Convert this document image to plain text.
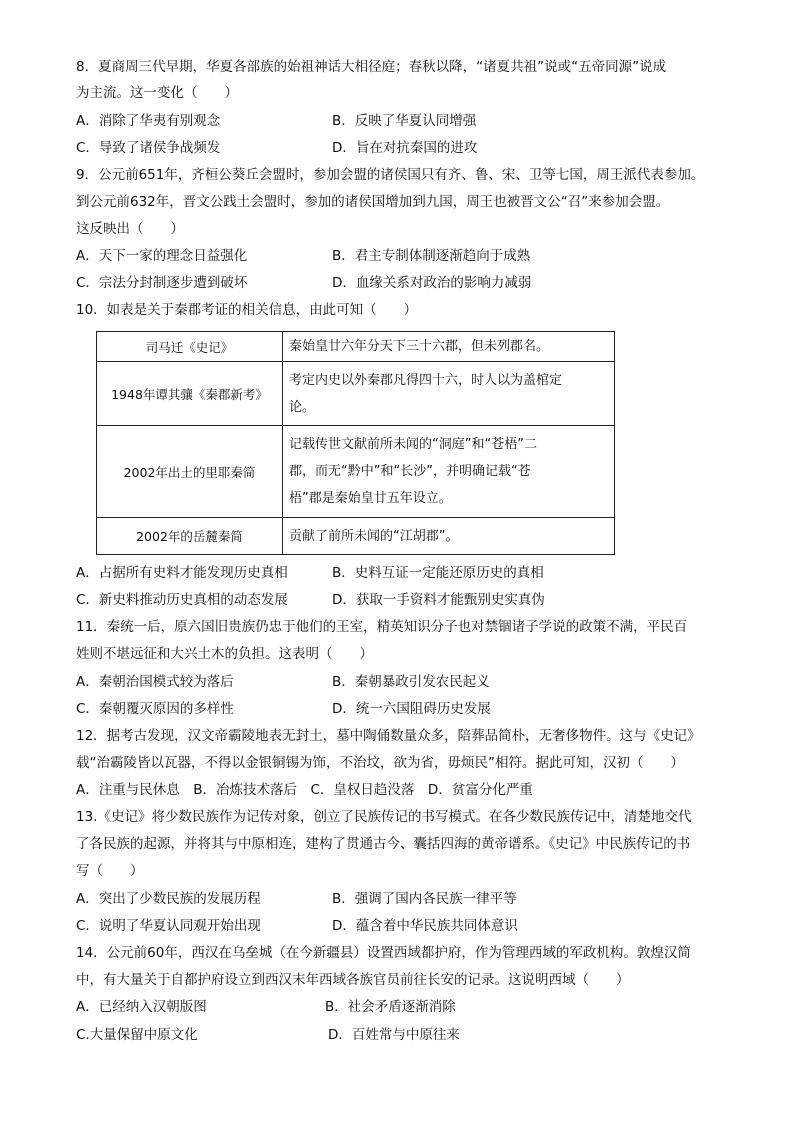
8．夏商周三代早期，华夏各部族的始祖神话大相径庭；春秋以降，“诸夏共祖”说或“五帝同源”说成
为主流。这一变化（　　）
A．消除了华夷有别观念	B．反映了华夏认同增强
C．导致了诸侯争战频发	D．旨在对抗秦国的进攻
9．公元前651年，齐桓公葵丘会盟时，参加会盟的诸侯国只有齐、鲁、宋、卫等七国，周王派代表参加。
到公元前632年，晋文公践土会盟时，参加的诸侯国增加到九国，周王也被晋文公“召”来参加会盟。
这反映出（　　）
A．天下一家的理念日益强化	B．君主专制体制逐渐趋向于成熟
C．宗法分封制逐步遭到破坏	D．血缘关系对政治的影响力减弱
10．如表是关于秦郡考证的相关信息，由此可知（　　）
司马迁《史记》	秦始皇廿六年分天下三十六郡，但未列郡名。

1948年谭其骧《秦郡新考》	考定内史以外秦郡凡得四十六，时人以为盖棺定
论。

2002年出土的里耶秦简	记载传世文献前所未闻的“洞庭”和“苍梧”二
郡，而无“黔中”和“长沙”，并明确记载“苍
梧”郡是秦始皇廿五年设立。

2002年的岳麓秦简	贡献了前所未闻的“江胡郡”。
A．占据所有史料才能发现历史真相	B．史料互证一定能还原历史的真相
C．新史料推动历史真相的动态发展	D．获取一手资料才能甄别史实真伪
11．秦统一后，原六国旧贵族仍忠于他们的王室，精英知识分子也对禁锢诸子学说的政策不满，平民百
姓则不堪远征和大兴土木的负担。这表明（　　）
A．秦朝治国模式较为落后	B．秦朝暴政引发农民起义
C．秦朝覆灭原因的多样性	D．统一六国阻碍历史发展
12．据考古发现，汉文帝霸陵地表无封土，墓中陶俑数量众多，陪葬品简朴，无奢侈物件。这与《史记》
载“治霸陵皆以瓦器，不得以金银铜锡为饰，不治坟，欲为省，毋烦民”相符。据此可知，汉初（　　）
A．注重与民休息　B．冶炼技术落后　C．皇权日趋没落　D．贫富分化严重
13.《史记》将少数民族作为记传对象，创立了民族传记的书写模式。在各少数民族传记中，清楚地交代
了各民族的起源，并将其与中原相连，建构了贯通古今、囊括四海的黄帝谱系。《史记》中民族传记的书
写（　　）
A．突出了少数民族的发展历程	B．强调了国内各民族一律平等
C．说明了华夏认同观开始出现	D．蕴含着中华民族共同体意识
14．公元前60年，西汉在乌垒城（在今新疆县）设置西域都护府，作为管理西域的军政机构。敦煌汉简
中，有大量关于自都护府设立到西汉末年西域各族官员前往长安的记录。这说明西域（　　）
A．已经纳入汉朝版图	B．社会矛盾逐渐消除
C.大量保留中原文化	D．百姓常与中原往来
